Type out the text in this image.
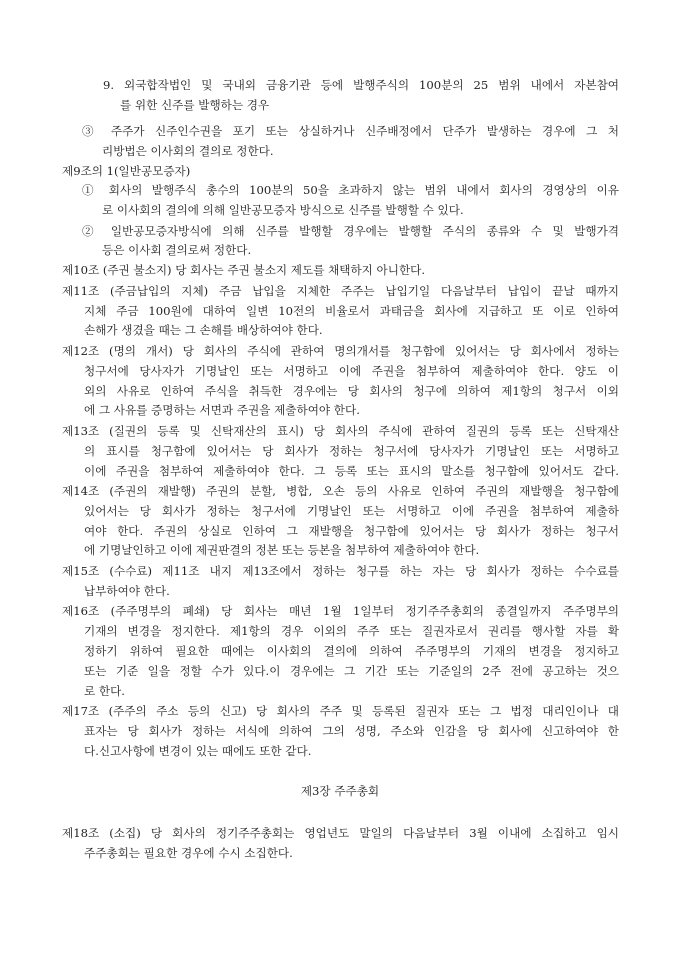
9. 외국합작법인 및 국내외 금융기관 등에 발행주식의 100분의 25 범위 내에서 자본참여
를 위한 신주를 발행하는 경우
③ 주주가 신주인수권을 포기 또는 상실하거나 신주배정에서 단주가 발생하는 경우에 그 처
리방법은 이사회의 결의로 정한다.
제9조의 1(일반공모증자)
① 회사의 발행주식 총수의 100분의 50을 초과하지 않는 범위 내에서 회사의 경영상의 이유
로 이사회의 결의에 의해 일반공모증자 방식으로 신주를 발행할 수 있다.
② 일반공모증자방식에 의해 신주를 발행할 경우에는 발행할 주식의 종류와 수 및 발행가격
등은 이사회 결의로써 정한다.
제10조 (주권 불소지) 당 회사는 주권 불소지 제도를 채택하지 아니한다.
제11조 (주금납입의 지체) 주금 납입을 지체한 주주는 납입기일 다음날부터 납입이 끝날 때까지
지체 주금 100원에 대하여 일변 10전의 비율로서 과태금을 회사에 지급하고 또 이로 인하여
손해가 생겼을 때는 그 손해를 배상하여야 한다.
제12조 (명의 개서) 당 회사의 주식에 관하여 명의개서를 청구함에 있어서는 당 회사에서 정하는
청구서에 당사자가 기명날인 또는 서명하고 이에 주권을 첨부하여 제출하여야 한다. 양도 이
외의 사유로 인하여 주식을 취득한 경우에는 당 회사의 청구에 의하여 제1항의 청구서 이외
에 그 사유를 증명하는 서면과 주권을 제출하여야 한다.
제13조 (질권의 등록 및 신탁재산의 표시) 당 회사의 주식에 관하여 질권의 등록 또는 신탁재산
의 표시를 청구함에 있어서는 당 회사가 정하는 청구서에 당사자가 기명날인 또는 서명하고
이에 주권을 첨부하여 제출하여야 한다. 그 등록 또는 표시의 말소를 청구함에 있어서도 같다.
제14조 (주권의 재발행) 주권의 분할, 병합, 오손 등의 사유로 인하여 주권의 재발행을 청구함에
있어서는 당 회사가 정하는 청구서에 기명날인 또는 서명하고 이에 주권을 첨부하여 제출하
여야 한다. 주권의 상실로 인하여 그 재발행을 청구함에 있어서는 당 회사가 정하는 청구서
에 기명날인하고 이에 제권판결의 정본 또는 등본을 첨부하여 제출하여야 한다.
제15조 (수수료) 제11조 내지 제13조에서 정하는 청구를 하는 자는 당 회사가 정하는 수수료를
납부하여야 한다.
제16조 (주주명부의 폐쇄) 당 회사는 매년 1월 1일부터 정기주주총회의 종결일까지 주주명부의
기재의 변경을 정지한다. 제1항의 경우 이외의 주주 또는 질권자로서 권리를 행사할 자를 확
정하기 위하여 필요한 때에는 이사회의 결의에 의하여 주주명부의 기재의 변경을 정지하고
또는 기준 일을 정할 수가 있다.이 경우에는 그 기간 또는 기준일의 2주 전에 공고하는 것으
로 한다.
제17조 (주주의 주소 등의 신고) 당 회사의 주주 및 등록된 질권자 또는 그 법정 대리인이나 대
표자는 당 회사가 정하는 서식에 의하여 그의 성명, 주소와 인감을 당 회사에 신고하여야 한
다.신고사항에 변경이 있는 때에도 또한 같다.
제3장 주주총회
제18조 (소집) 당 회사의 정기주주총회는 영업년도 말일의 다음날부터 3월 이내에 소집하고 임시
주주총회는 필요한 경우에 수시 소집한다.
